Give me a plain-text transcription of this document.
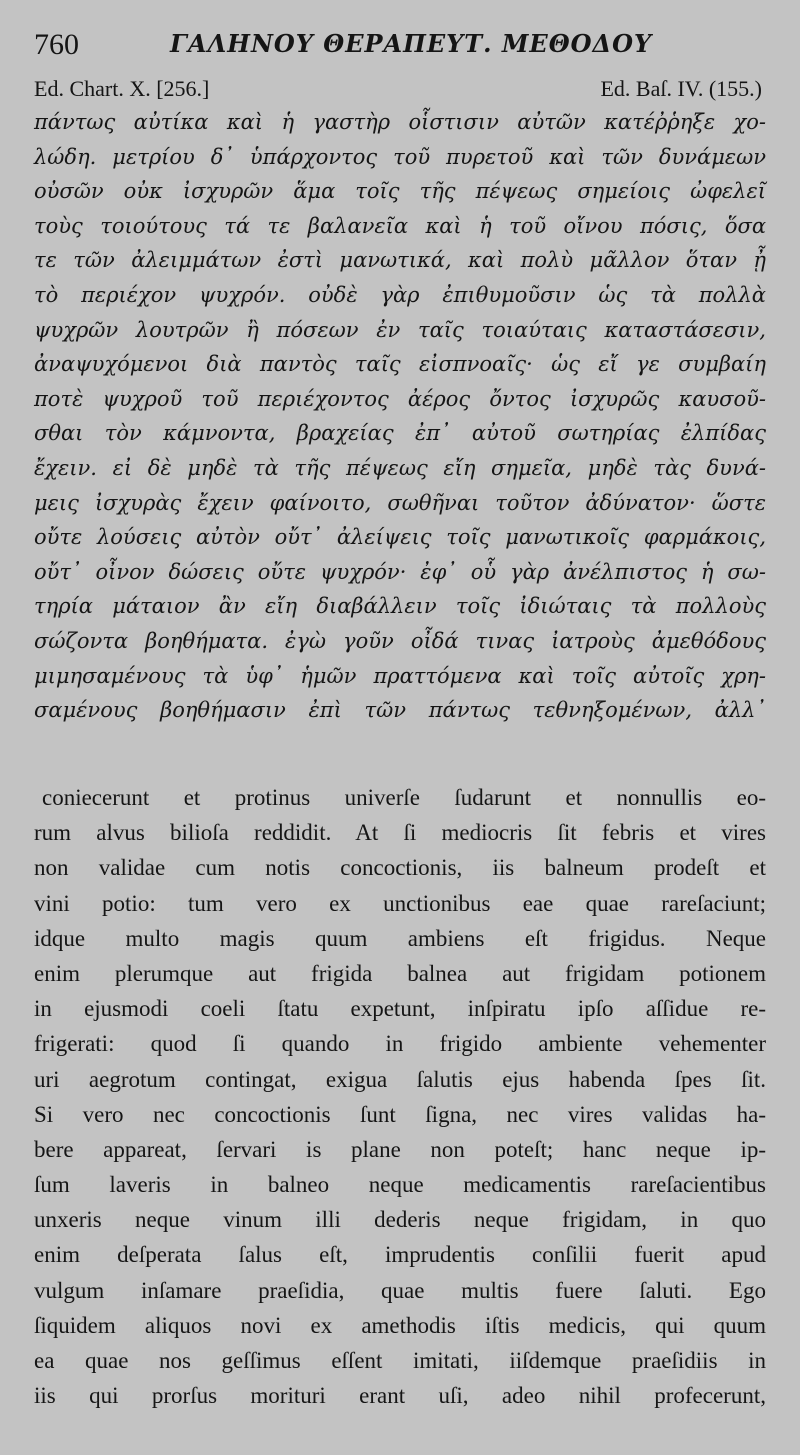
760	ΓΑΛΗΝΟΥ ΘΕΡΑΠΕΥΤ. ΜΕΘΟΔΟΥ
Ed. Chart. X. [256.]	Ed. Baſ. IV. (155.)
πάντως αὐτίκα καὶ ἡ γαστὴρ οἷστισιν αὐτῶν κατέῤῥηξε χο-
λώδη. μετρίου δ᾽ ὑπάρχοντος τοῦ πυρετοῦ καὶ τῶν δυνάμεων
οὐσῶν οὐκ ἰσχυρῶν ἅμα τοῖς τῆς πέψεως σημείοις ὠφελεῖ
τοὺς τοιούτους τά τε βαλανεῖα καὶ ἡ τοῦ οἴνου πόσις, ὅσα
τε τῶν ἀλειμμάτων ἐστὶ μανωτικά, καὶ πολὺ μᾶλλον ὅταν ᾖ
τὸ περιέχον ψυχρόν. οὐδὲ γὰρ ἐπιθυμοῦσιν ὡς τὰ πολλὰ
ψυχρῶν λουτρῶν ἢ πόσεων ἐν ταῖς τοιαύταις καταστάσεσιν,
ἀναψυχόμενοι διὰ παντὸς ταῖς εἰσπνοαῖς· ὡς εἴ γε συμβαίη
ποτὲ ψυχροῦ τοῦ περιέχοντος ἀέρος ὄντος ἰσχυρῶς καυσοῦ-
σθαι τὸν κάμνοντα, βραχείας ἐπ᾽ αὐτοῦ σωτηρίας ἐλπίδας
ἔχειν. εἰ δὲ μηδὲ τὰ τῆς πέψεως εἴη σημεῖα, μηδὲ τὰς δυνά-
μεις ἰσχυρὰς ἔχειν φαίνοιτο, σωθῆναι τοῦτον ἀδύνατον· ὥστε
οὔτε λούσεις αὐτὸν οὔτ᾽ ἀλείψεις τοῖς μανωτικοῖς φαρμάκοις,
οὔτ᾽ οἶνον δώσεις οὔτε ψυχρόν· ἐφ᾽ οὗ γὰρ ἀνέλπιστος ἡ σω-
τηρία μάταιον ἂν εἴη διαβάλλειν τοῖς ἰδιώταις τὰ πολλοὺς
σώζοντα βοηθήματα. ἐγὼ γοῦν οἶδά τινας ἰατροὺς ἀμεθόδους
μιμησαμένους τὰ ὑφ᾽ ἡμῶν πραττόμενα καὶ τοῖς αὐτοῖς χρη-
σαμένους βοηθήμασιν ἐπὶ τῶν πάντως τεθνηξομένων, ἀλλ᾽
coniecerunt et protinus univerſe ſudarunt et nonnullis eo-
rum alvus bilioſa reddidit. At ſi mediocris ſit febris et vires
non validae cum notis concoctionis, iis balneum prodeſt et
vini potio: tum vero ex unctionibus eae quae rareſaciunt;
idque multo magis quum ambiens eſt frigidus. Neque
enim plerumque aut frigida balnea aut frigidam potionem
in ejusmodi coeli ſtatu expetunt, inſpiratu ipſo aſſidue re-
frigerati: quod ſi quando in frigido ambiente vehementer
uri aegrotum contingat, exigua ſalutis ejus habenda ſpes ſit.
Si vero nec concoctionis ſunt ſigna, nec vires validas ha-
bere appareat, ſervari is plane non poteſt; hanc neque ip-
ſum laveris in balneo neque medicamentis rareſacientibus
unxeris neque vinum illi dederis neque frigidam, in quo
enim deſperata ſalus eſt, imprudentis conſilii fuerit apud
vulgum inſamare praeſidia, quae multis fuere ſaluti. Ego
ſiquidem aliquos novi ex amethodis iſtis medicis, qui quum
ea quae nos geſſimus eſſent imitati, iiſdemque praeſidiis in
iis qui prorſus morituri erant uſi, adeo nihil profecerunt,
